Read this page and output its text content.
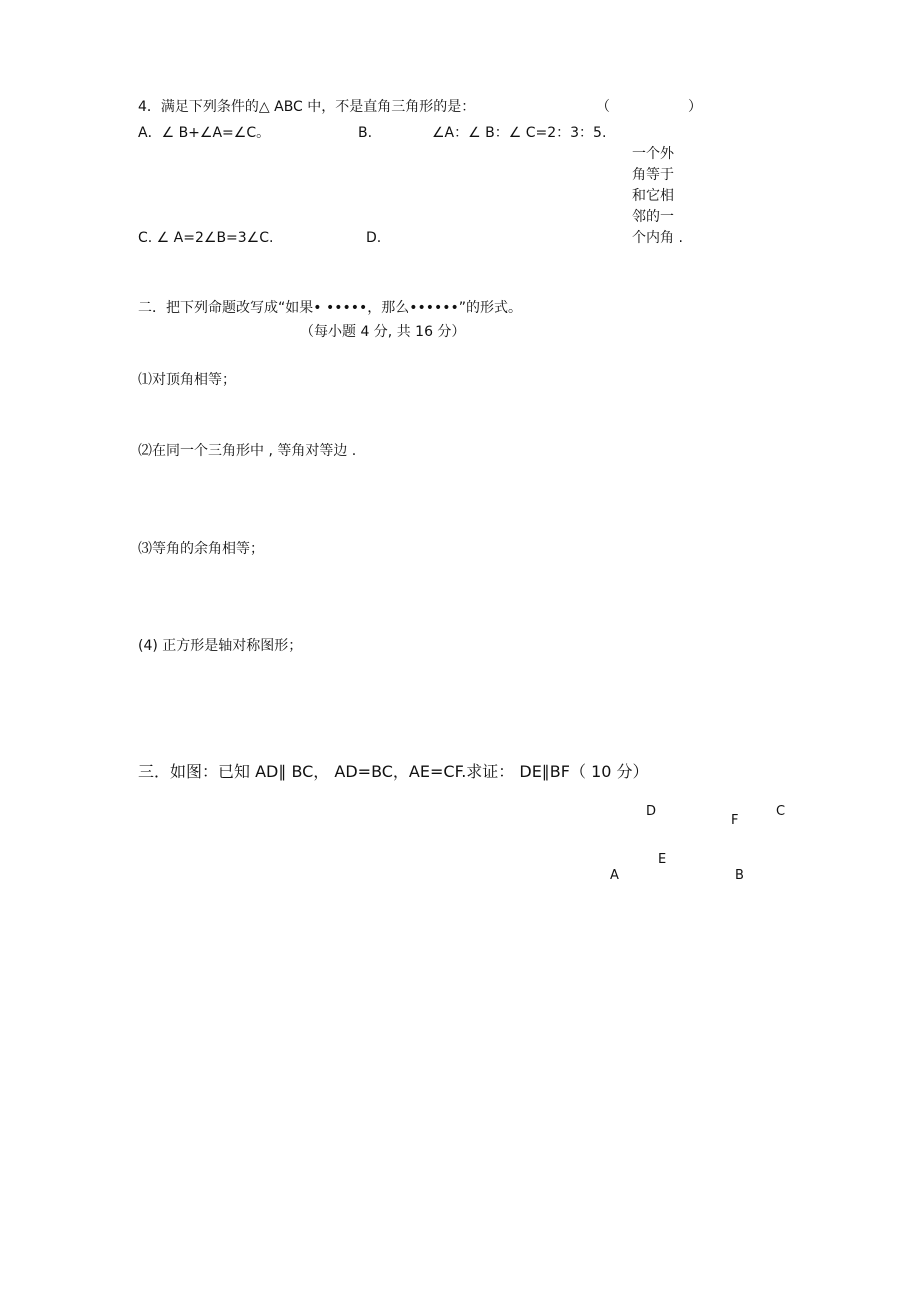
4．满足下列条件的△ ABC 中，不是直角三角形的是：	（	）
A．∠ B+∠A=∠C。	B.	∠A：∠ B：∠ C=2：3：5.
一个外
角等于
和它相
邻的一
个内角 .
C. ∠ A=2∠B=3∠C.	D.
二．把下列命题改写成“如果• •••••，那么••••••”的形式。
（每小题 4 分, 共 16 分）
⑴对顶角相等；
⑵在同一个三角形中 , 等角对等边 .
⑶等角的余角相等；
(4) 正方形是轴对称图形；
三．如图：已知 AD∥ BC， AD=BC，AE=CF.求证： DE∥BF（ 10 分）
D
F
C
E
A	B
